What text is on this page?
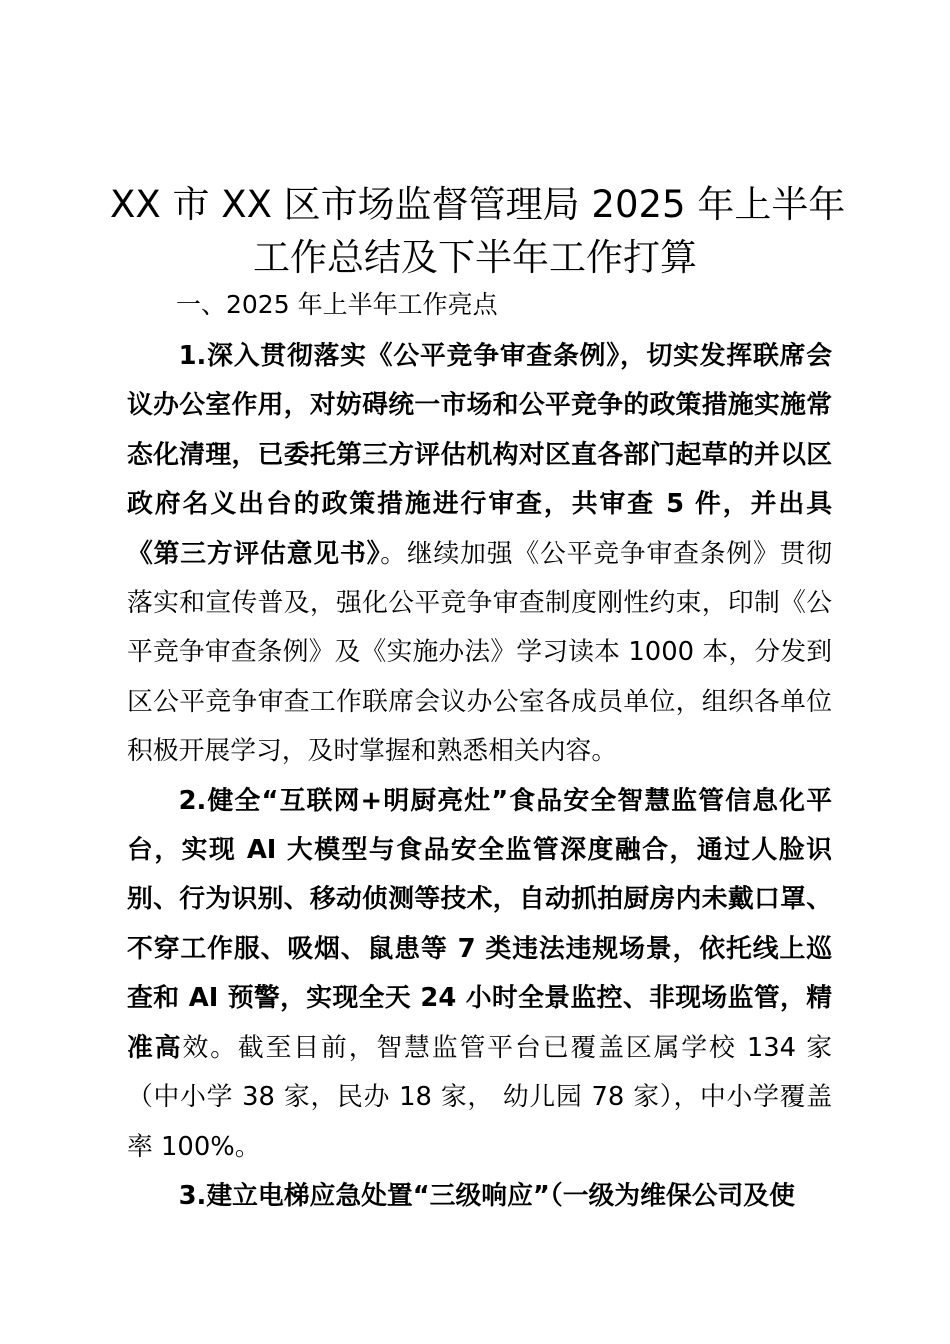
XX 市 XX 区市场监督管理局 2025 年上半年
工作总结及下半年工作打算
一、2025 年上半年工作亮点

1.深入贯彻落实《公平竞争审查条例》，切实发挥联席会议办公室作用，对妨碍统一市场和公平竞争的政策措施实施常态化清理，已委托第三方评估机构对区直各部门起草的并以区政府名义出台的政策措施进行审查，共审查 5 件，并出具《第三方评估意见书》。继续加强《公平竞争审查条例》贯彻落实和宣传普及，强化公平竞争审查制度刚性约束，印制《公平竞争审查条例》及《实施办法》学习读本 1000 本，分发到区公平竞争审查工作联席会议办公室各成员单位，组织各单位积极开展学习，及时掌握和熟悉相关内容。

2.健全“互联网+明厨亮灶”食品安全智慧监管信息化平台，实现 AI 大模型与食品安全监管深度融合，通过人脸识别、行为识别、移动侦测等技术，自动抓拍厨房内未戴口罩、不穿工作服、吸烟、鼠患等 7 类违法违规场景，依托线上巡查和 AI 预警，实现全天 24 小时全景监控、非现场监管，精准高效。截至目前，智慧监管平台已覆盖区属学校 134 家（中小学 38 家，民办 18 家， 幼儿园 78 家），中小学覆盖率 100%。

3.建立电梯应急处置“三级响应”（一级为维保公司及使
